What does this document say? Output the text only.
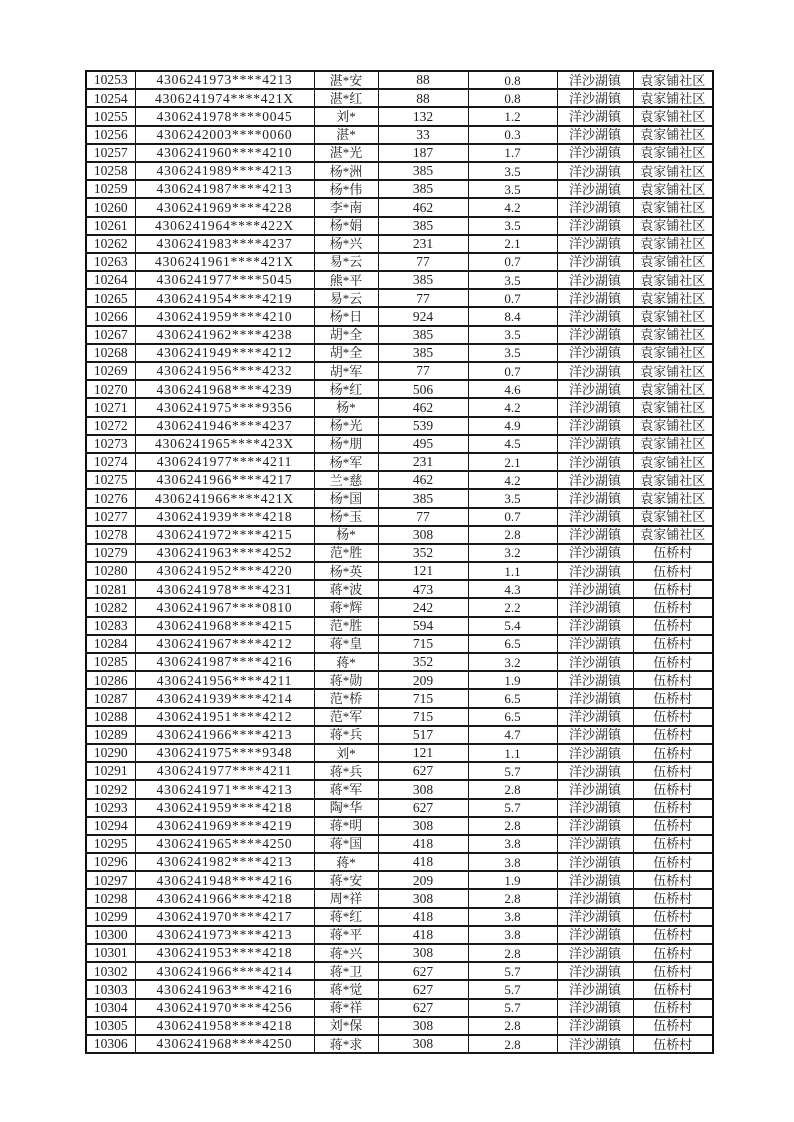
10253	4306241973****4213	湛*安	88	0.8	洋沙湖镇	袁家铺社区
10254	4306241974****421X	湛*红	88	0.8	洋沙湖镇	袁家铺社区
10255	4306241978****0045	刘*	132	1.2	洋沙湖镇	袁家铺社区
10256	4306242003****0060	湛*	33	0.3	洋沙湖镇	袁家铺社区
10257	4306241960****4210	湛*光	187	1.7	洋沙湖镇	袁家铺社区
10258	4306241989****4213	杨*洲	385	3.5	洋沙湖镇	袁家铺社区
10259	4306241987****4213	杨*伟	385	3.5	洋沙湖镇	袁家铺社区
10260	4306241969****4228	李*南	462	4.2	洋沙湖镇	袁家铺社区
10261	4306241964****422X	杨*娟	385	3.5	洋沙湖镇	袁家铺社区
10262	4306241983****4237	杨*兴	231	2.1	洋沙湖镇	袁家铺社区
10263	4306241961****421X	易*云	77	0.7	洋沙湖镇	袁家铺社区
10264	4306241977****5045	熊*平	385	3.5	洋沙湖镇	袁家铺社区
10265	4306241954****4219	易*云	77	0.7	洋沙湖镇	袁家铺社区
10266	4306241959****4210	杨*日	924	8.4	洋沙湖镇	袁家铺社区
10267	4306241962****4238	胡*全	385	3.5	洋沙湖镇	袁家铺社区
10268	4306241949****4212	胡*全	385	3.5	洋沙湖镇	袁家铺社区
10269	4306241956****4232	胡*军	77	0.7	洋沙湖镇	袁家铺社区
10270	4306241968****4239	杨*红	506	4.6	洋沙湖镇	袁家铺社区
10271	4306241975****9356	杨*	462	4.2	洋沙湖镇	袁家铺社区
10272	4306241946****4237	杨*光	539	4.9	洋沙湖镇	袁家铺社区
10273	4306241965****423X	杨*朋	495	4.5	洋沙湖镇	袁家铺社区
10274	4306241977****4211	杨*军	231	2.1	洋沙湖镇	袁家铺社区
10275	4306241966****4217	兰*慈	462	4.2	洋沙湖镇	袁家铺社区
10276	4306241966****421X	杨*国	385	3.5	洋沙湖镇	袁家铺社区
10277	4306241939****4218	杨*玉	77	0.7	洋沙湖镇	袁家铺社区
10278	4306241972****4215	杨*	308	2.8	洋沙湖镇	袁家铺社区
10279	4306241963****4252	范*胜	352	3.2	洋沙湖镇	伍桥村
10280	4306241952****4220	杨*英	121	1.1	洋沙湖镇	伍桥村
10281	4306241978****4231	蒋*波	473	4.3	洋沙湖镇	伍桥村
10282	4306241967****0810	蒋*辉	242	2.2	洋沙湖镇	伍桥村
10283	4306241968****4215	范*胜	594	5.4	洋沙湖镇	伍桥村
10284	4306241967****4212	蒋*皇	715	6.5	洋沙湖镇	伍桥村
10285	4306241987****4216	蒋*	352	3.2	洋沙湖镇	伍桥村
10286	4306241956****4211	蒋*勋	209	1.9	洋沙湖镇	伍桥村
10287	4306241939****4214	范*桥	715	6.5	洋沙湖镇	伍桥村
10288	4306241951****4212	范*军	715	6.5	洋沙湖镇	伍桥村
10289	4306241966****4213	蒋*兵	517	4.7	洋沙湖镇	伍桥村
10290	4306241975****9348	刘*	121	1.1	洋沙湖镇	伍桥村
10291	4306241977****4211	蒋*兵	627	5.7	洋沙湖镇	伍桥村
10292	4306241971****4213	蒋*军	308	2.8	洋沙湖镇	伍桥村
10293	4306241959****4218	陶*华	627	5.7	洋沙湖镇	伍桥村
10294	4306241969****4219	蒋*明	308	2.8	洋沙湖镇	伍桥村
10295	4306241965****4250	蒋*国	418	3.8	洋沙湖镇	伍桥村
10296	4306241982****4213	蒋*	418	3.8	洋沙湖镇	伍桥村
10297	4306241948****4216	蒋*安	209	1.9	洋沙湖镇	伍桥村
10298	4306241966****4218	周*祥	308	2.8	洋沙湖镇	伍桥村
10299	4306241970****4217	蒋*红	418	3.8	洋沙湖镇	伍桥村
10300	4306241973****4213	蒋*平	418	3.8	洋沙湖镇	伍桥村
10301	4306241953****4218	蒋*兴	308	2.8	洋沙湖镇	伍桥村
10302	4306241966****4214	蒋*卫	627	5.7	洋沙湖镇	伍桥村
10303	4306241963****4216	蒋*觉	627	5.7	洋沙湖镇	伍桥村
10304	4306241970****4256	蒋*祥	627	5.7	洋沙湖镇	伍桥村
10305	4306241958****4218	刘*保	308	2.8	洋沙湖镇	伍桥村
10306	4306241968****4250	蒋*求	308	2.8	洋沙湖镇	伍桥村
